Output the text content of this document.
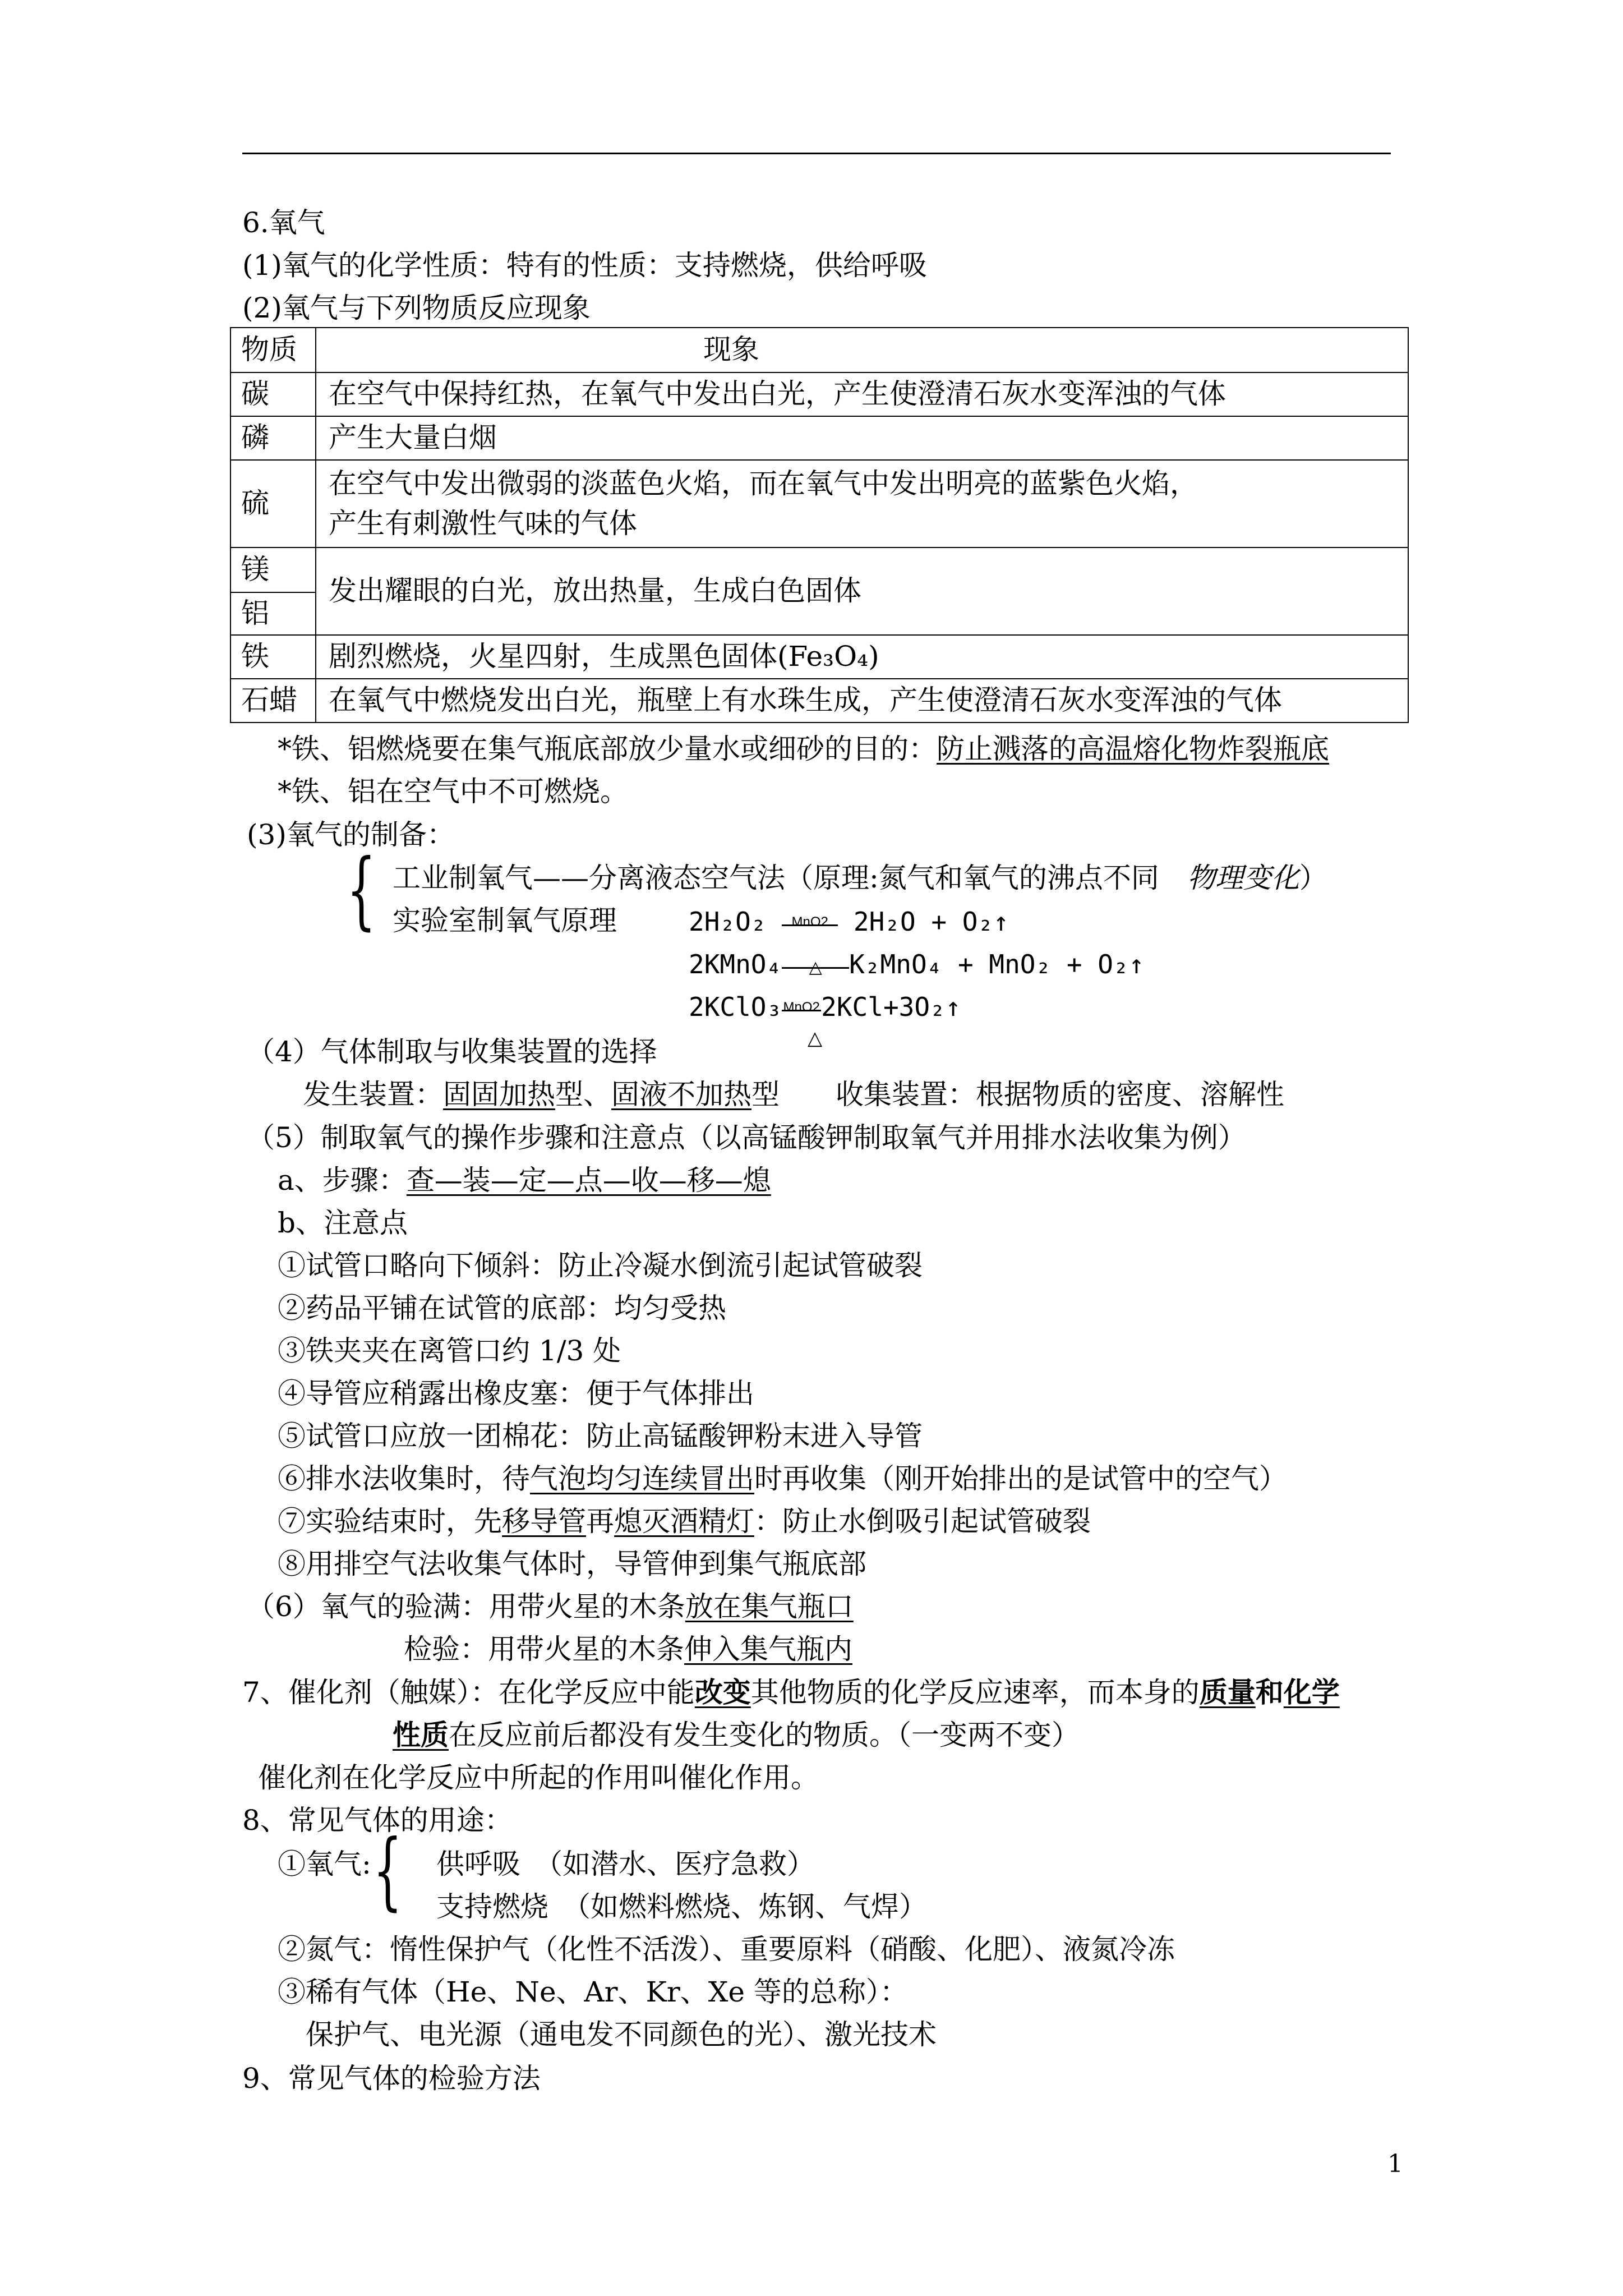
6.氧气
(1)氧气的化学性质：特有的性质：支持燃烧，供给呼吸
(2)氧气与下列物质反应现象
物质	现象
碳	在空气中保持红热，在氧气中发出白光，产生使澄清石灰水变浑浊的气体
磷	产生大量白烟
硫	在空气中发出微弱的淡蓝色火焰，而在氧气中发出明亮的蓝紫色火焰，
产生有刺激性气味的气体

镁	发出耀眼的白光，放出热量，生成白色固体
铝	
铁	剧烈燃烧，火星四射，生成黑色固体(Fe₃O₄)
石蜡	在氧气中燃烧发出白光，瓶壁上有水珠生成，产生使澄清石灰水变浑浊的气体
*铁、铝燃烧要在集气瓶底部放少量水或细砂的目的：防止溅落的高温熔化物炸裂瓶底
*铁、铝在空气中不可燃烧。
(3)氧气的制备：
{ 工业制氧气——分离液态空气法（原理:氮气和氧气的沸点不同　物理变化）
实验室制氧气原理	2H₂O₂	MnO2 2H₂O + O₂↑
2KMnO₄	△	K₂MnO₄ + MnO₂ + O₂↑
2KClO₃ MnO2 2KCl+3O₂↑
△
（4）气体制取与收集装置的选择
发生装置：固固加热型、固液不加热型　　收集装置：根据物质的密度、溶解性
（5）制取氧气的操作步骤和注意点（以高锰酸钾制取氧气并用排水法收集为例）
a、步骤：查—装—定—点—收—移—熄
b、注意点
①试管口略向下倾斜：防止冷凝水倒流引起试管破裂
②药品平铺在试管的底部：均匀受热
③铁夹夹在离管口约 1/3 处
④导管应稍露出橡皮塞：便于气体排出
⑤试管口应放一团棉花：防止高锰酸钾粉末进入导管
⑥排水法收集时，待气泡均匀连续冒出时再收集（刚开始排出的是试管中的空气）
⑦实验结束时，先移导管再熄灭酒精灯：防止水倒吸引起试管破裂
⑧用排空气法收集气体时，导管伸到集气瓶底部
（6）氧气的验满：用带火星的木条放在集气瓶口
检验：用带火星的木条伸入集气瓶内
7、催化剂（触媒）：在化学反应中能改变其他物质的化学反应速率，而本身的质量和化学
性质在反应前后都没有发生变化的物质。（一变两不变）
催化剂在化学反应中所起的作用叫催化作用。
8、常见气体的用途：
①氧气: { 供呼吸　（如潜水、医疗急救）
支持燃烧　（如燃料燃烧、炼钢、气焊）
②氮气：惰性保护气（化性不活泼）、重要原料（硝酸、化肥）、液氮冷冻
③稀有气体（He、Ne、Ar、Kr、Xe 等的总称）：
保护气、电光源（通电发不同颜色的光）、激光技术
9、常见气体的检验方法
1
